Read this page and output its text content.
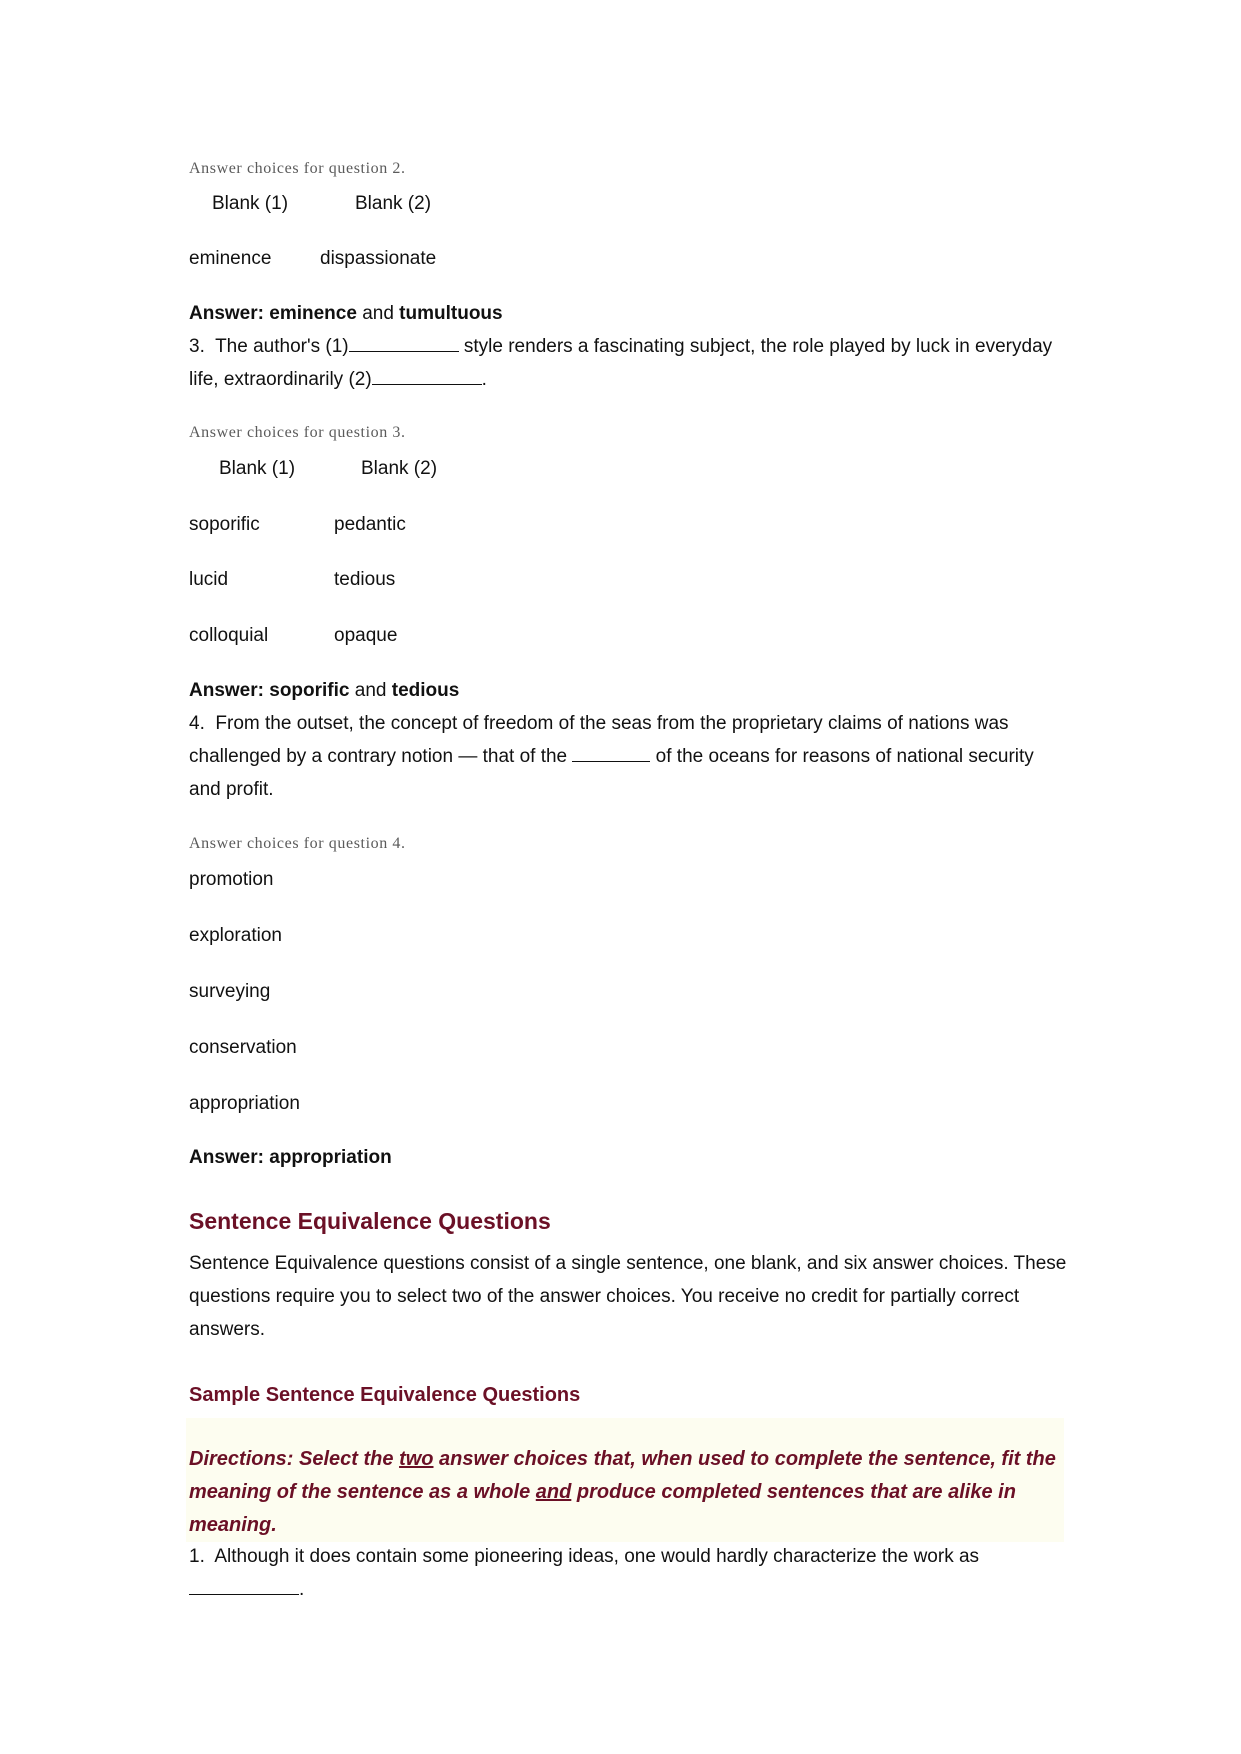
Answer choices for question 2.
Blank (1)	Blank (2)
eminence	dispassionate
Answer: eminence and tumultuous
3. The author's (1)	style renders a fascinating subject, the role played by luck in everyday life, extraordinarily (2)	.
Answer choices for question 3.
Blank (1)	Blank (2)
soporific	pedantic
lucid	tedious
colloquial	opaque
Answer: soporific and tedious
4. From the outset, the concept of freedom of the seas from the proprietary claims of nations was challenged by a contrary notion — that of the	of the oceans for reasons of national security and profit.
Answer choices for question 4.
promotion
exploration
surveying
conservation
appropriation
Answer: appropriation
Sentence Equivalence Questions
Sentence Equivalence questions consist of a single sentence, one blank, and six answer choices. These questions require you to select two of the answer choices. You receive no credit for partially correct answers.
Sample Sentence Equivalence Questions
Directions: Select the two answer choices that, when used to complete the sentence, fit the meaning of the sentence as a whole and produce completed sentences that are alike in meaning.
1. Although it does contain some pioneering ideas, one would hardly characterize the work as .
